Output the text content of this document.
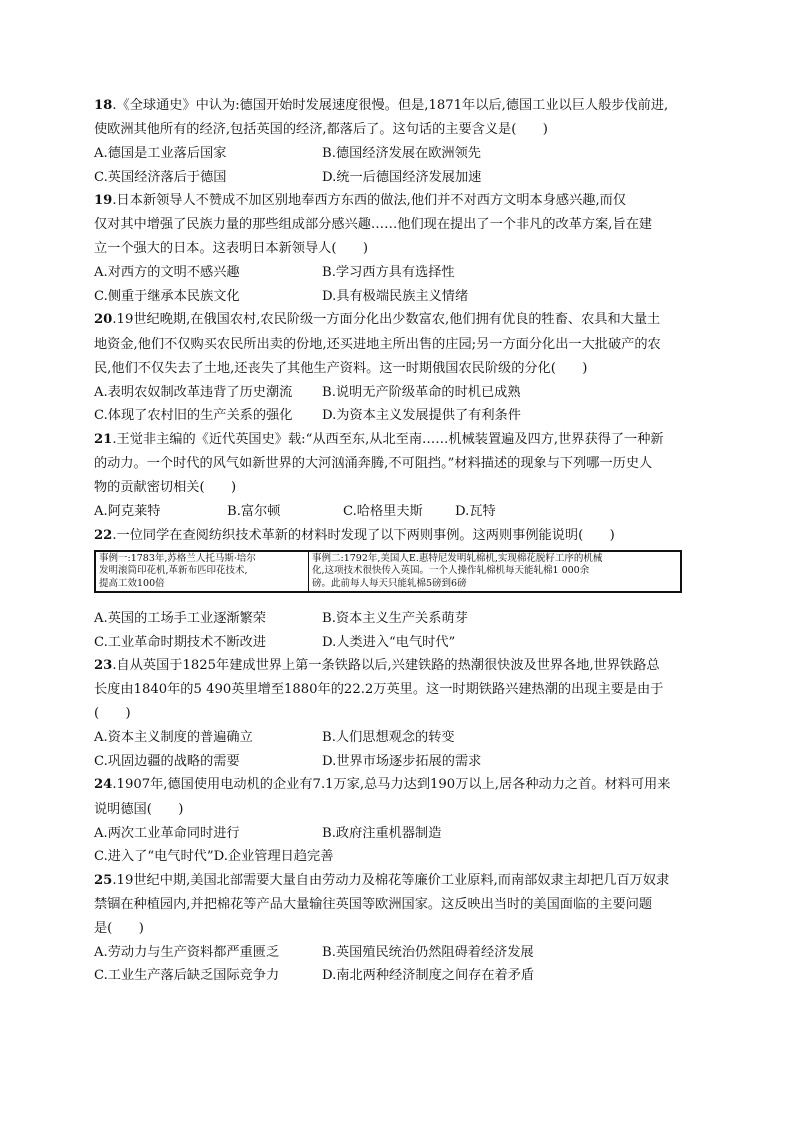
18.《全球通史》中认为:德国开始时发展速度很慢。但是,1871年以后,德国工业以巨人般步伐前进,
使欧洲其他所有的经济,包括英国的经济,都落后了。这句话的主要含义是(　　)
A.德国是工业落后国家	B.德国经济发展在欧洲领先
C.英国经济落后于德国	D.统一后德国经济发展加速
19.日本新领导人不赞成不加区别地奉西方东西的做法,他们并不对西方文明本身感兴趣,而仅
仅对其中增强了民族力量的那些组成部分感兴趣……他们现在提出了一个非凡的改革方案,旨在建
立一个强大的日本。这表明日本新领导人(　　)
A.对西方的文明不感兴趣	B.学习西方具有选择性
C.侧重于继承本民族文化	D.具有极端民族主义情绪
20.19世纪晚期,在俄国农村,农民阶级一方面分化出少数富农,他们拥有优良的牲畜、农具和大量土
地资金,他们不仅购买农民所出卖的份地,还买进地主所出售的庄园;另一方面分化出一大批破产的农
民,他们不仅失去了土地,还丧失了其他生产资料。这一时期俄国农民阶级的分化(　　)
A.表明农奴制改革违背了历史潮流	B.说明无产阶级革命的时机已成熟
C.体现了农村旧的生产关系的强化	D.为资本主义发展提供了有利条件
21.王觉非主编的《近代英国史》载:“从西至东,从北至南……机械装置遍及四方,世界获得了一种新
的动力。一个时代的风气如新世界的大河汹涌奔腾,不可阻挡。”材料描述的现象与下列哪一历史人
物的贡献密切相关(　　)
A.阿克莱特	B.富尔顿	C.哈格里夫斯	D.瓦特
22.一位同学在查阅纺织技术革新的材料时发现了以下两则事例。这两则事例能说明(　　)
事例一:1783年,苏格兰人托马斯·培尔
发明滚筒印花机,革新布匹印花技术,
提高工效100倍

事例二:1792年,美国人E.惠特尼发明轧棉机,实现棉花脱籽工序的机械
化,这项技术很快传入英国。一个人操作轧棉机每天能轧棉1 000余
磅。此前每人每天只能轧棉5磅到6磅
A.英国的工场手工业逐渐繁荣	B.资本主义生产关系萌芽
C.工业革命时期技术不断改进	D.人类进入“电气时代”
23.自从英国于1825年建成世界上第一条铁路以后,兴建铁路的热潮很快波及世界各地,世界铁路总
长度由1840年的5 490英里增至1880年的22.2万英里。这一时期铁路兴建热潮的出现主要是由于
(　　)
A.资本主义制度的普遍确立	B.人们思想观念的转变
C.巩固边疆的战略的需要	D.世界市场逐步拓展的需求
24.1907年,德国使用电动机的企业有7.1万家,总马力达到190万以上,居各种动力之首。材料可用来
说明德国(　　)
A.两次工业革命同时进行	B.政府注重机器制造
C.进入了“电气时代”D.企业管理日趋完善
25.19世纪中期,美国北部需要大量自由劳动力及棉花等廉价工业原料,而南部奴隶主却把几百万奴隶
禁锢在种植园内,并把棉花等产品大量输往英国等欧洲国家。这反映出当时的美国面临的主要问题
是(　　)
A.劳动力与生产资料都严重匮乏	B.英国殖民统治仍然阻碍着经济发展
C.工业生产落后缺乏国际竞争力	D.南北两种经济制度之间存在着矛盾
